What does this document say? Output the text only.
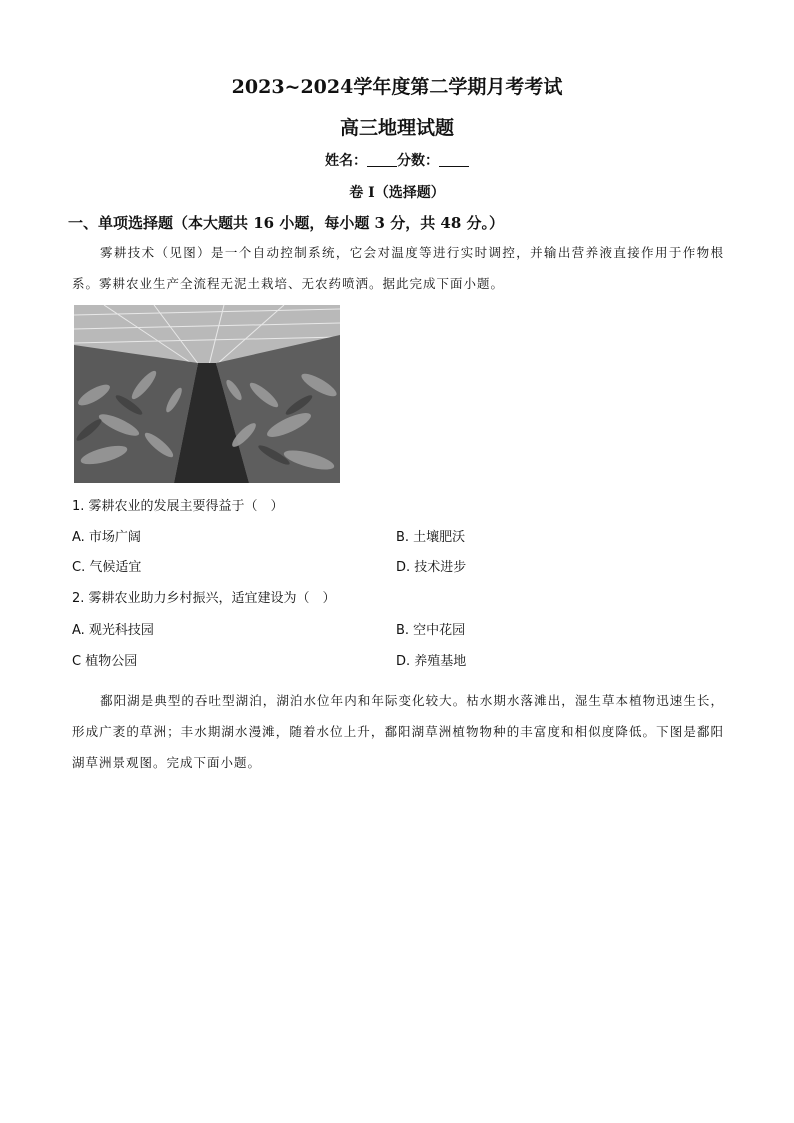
2023~2024学年度第二学期月考考试
高三地理试题
姓名： 分数：
卷 I（选择题）
一、单项选择题（本大题共 16 小题，每小题 3 分，共 48 分。）
雾耕技术（见图）是一个自动控制系统，它会对温度等进行实时调控，并输出营养液直接作用于作物根系。雾耕农业生产全流程无泥土栽培、无农药喷洒。据此完成下面小题。
1. 雾耕农业的发展主要得益于（　）
A. 市场广阔	B. 土壤肥沃
C. 气候适宜	D. 技术进步
2. 雾耕农业助力乡村振兴，适宜建设为（　）
A. 观光科技园	B. 空中花园
C 植物公园	D. 养殖基地
鄱阳湖是典型的吞吐型湖泊，湖泊水位年内和年际变化较大。枯水期水落滩出，湿生草本植物迅速生长，形成广袤的草洲；丰水期湖水漫滩，随着水位上升，鄱阳湖草洲植物物种的丰富度和相似度降低。下图是鄱阳湖草洲景观图。完成下面小题。
